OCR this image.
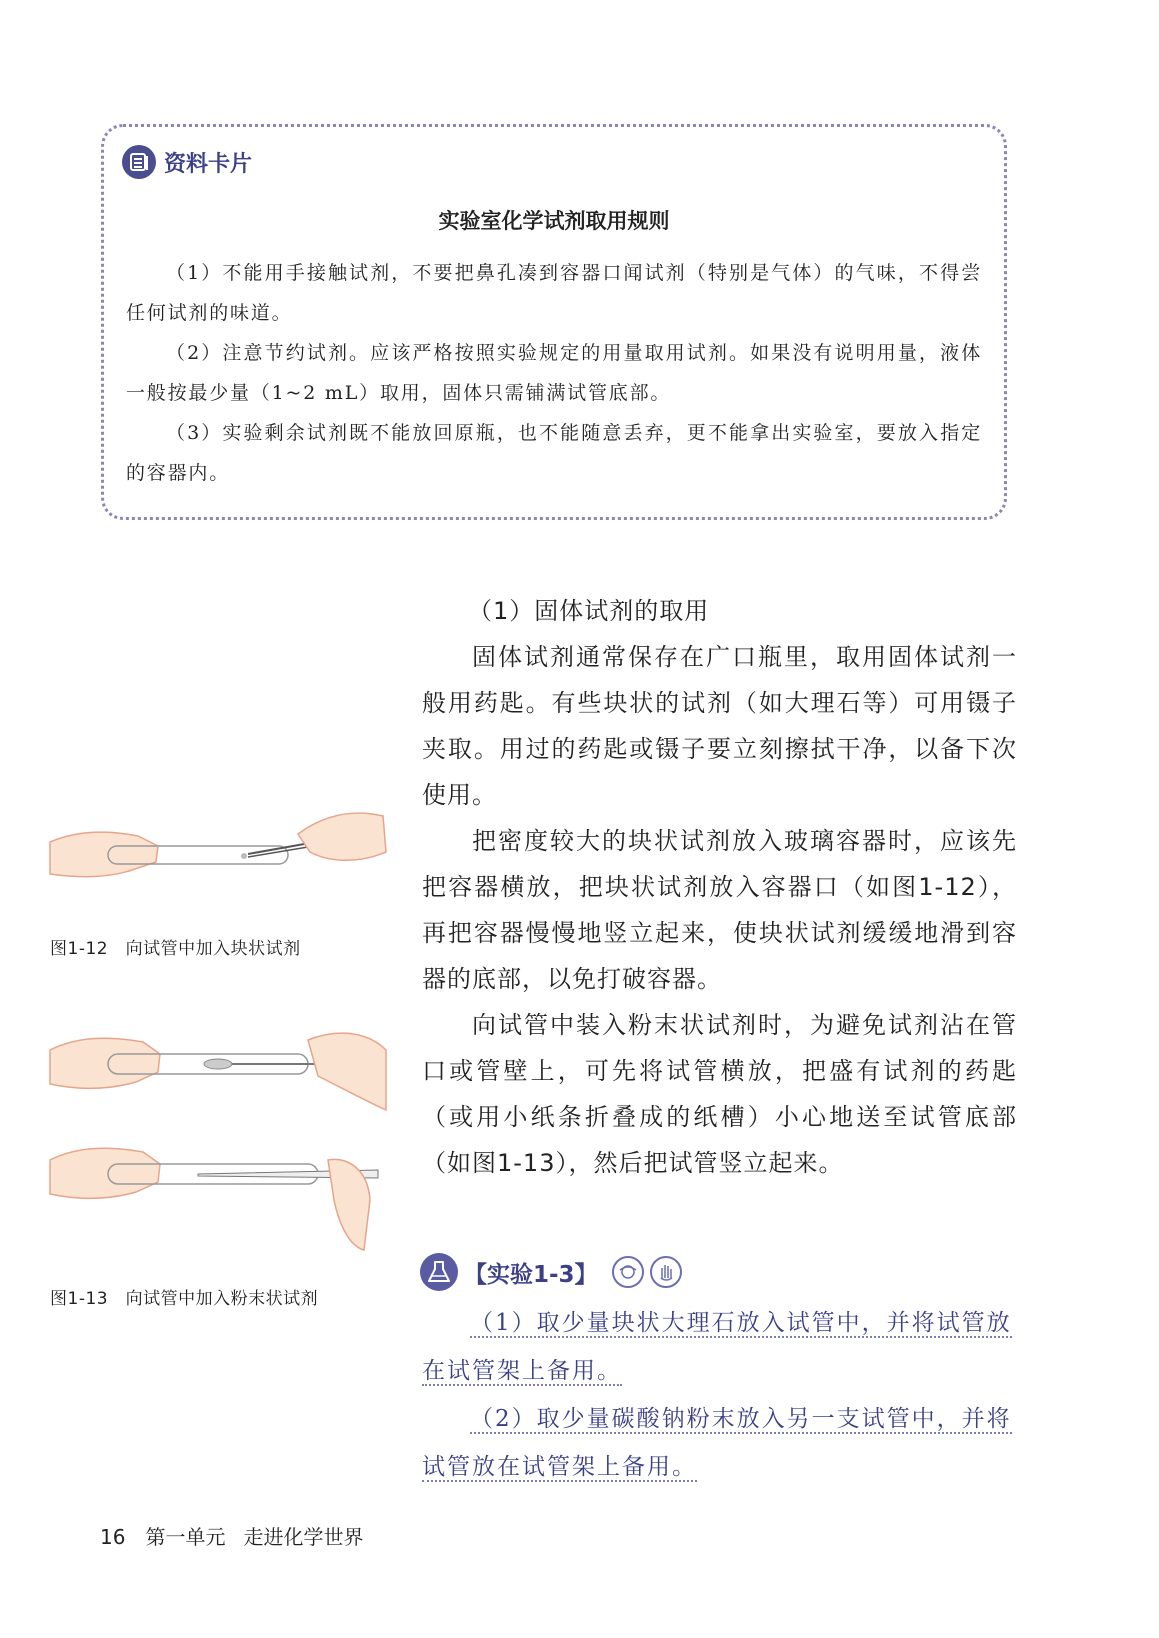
资料卡片
实验室化学试剂取用规则

（1）不能用手接触试剂，不要把鼻孔凑到容器口闻试剂（特别是气体）的气味，不得尝任何试剂的味道。

（2）注意节约试剂。应该严格按照实验规定的用量取用试剂。如果没有说明用量，液体一般按最少量（1~2 mL）取用，固体只需铺满试管底部。

（3）实验剩余试剂既不能放回原瓶，也不能随意丢弃，更不能拿出实验室，要放入指定的容器内。

图1-12　向试管中加入块状试剂
图1-13　向试管中加入粉末状试剂

（1）固体试剂的取用

固体试剂通常保存在广口瓶里，取用固体试剂一般用药匙。有些块状的试剂（如大理石等）可用镊子夹取。用过的药匙或镊子要立刻擦拭干净，以备下次使用。

把密度较大的块状试剂放入玻璃容器时，应该先把容器横放，把块状试剂放入容器口（如图1-12），再把容器慢慢地竖立起来，使块状试剂缓缓地滑到容器的底部，以免打破容器。

向试管中装入粉末状试剂时，为避免试剂沾在管口或管壁上，可先将试管横放，把盛有试剂的药匙（或用小纸条折叠成的纸槽）小心地送至试管底部（如图1-13），然后把试管竖立起来。

【实验1-3】

（1）取少量块状大理石放入试管中，并将试管放在试管架上备用。

（2）取少量碳酸钠粉末放入另一支试管中，并将试管放在试管架上备用。

16 第一单元 走进化学世界
